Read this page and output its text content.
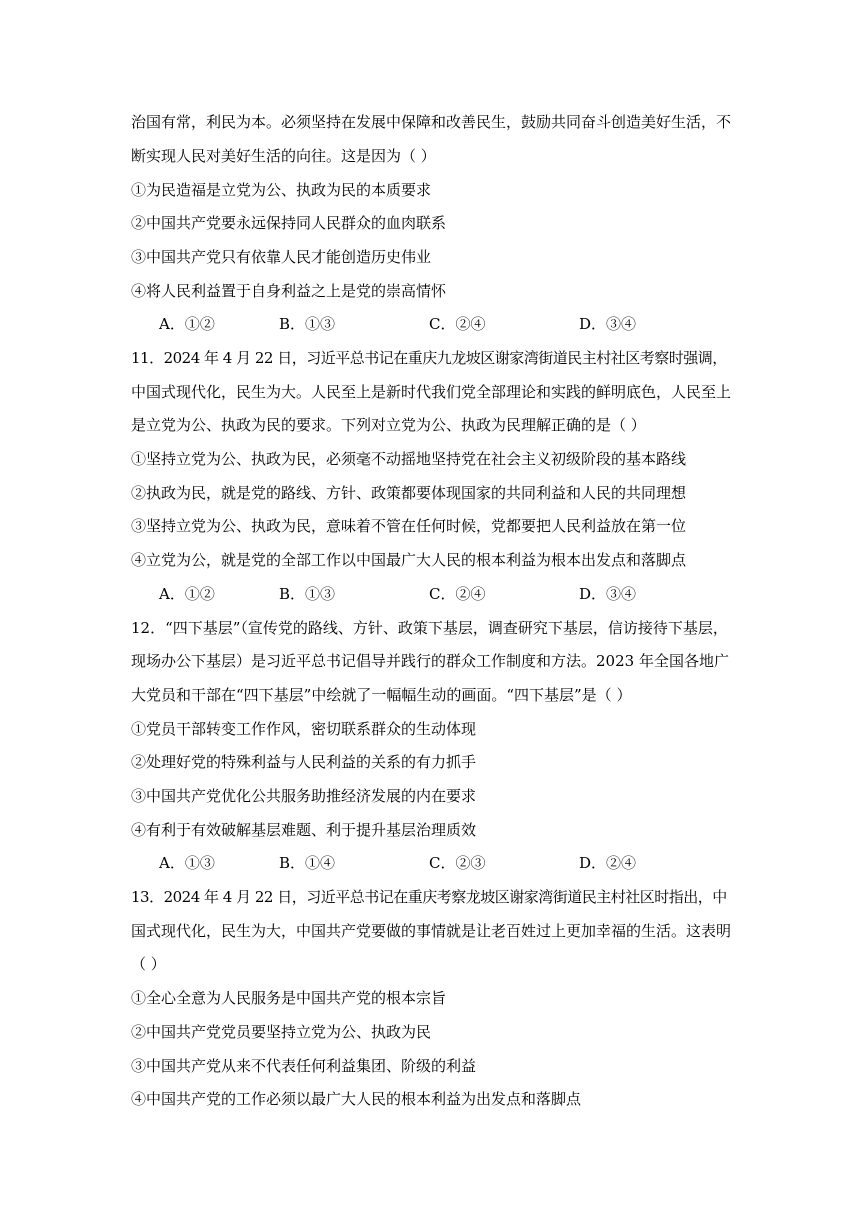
治国有常，利民为本。必须坚持在发展中保障和改善民生，鼓励共同奋斗创造美好生活，不
断实现人民对美好生活的向往。这是因为（ ）
①为民造福是立党为公、执政为民的本质要求
②中国共产党要永远保持同人民群众的血肉联系
③中国共产党只有依靠人民才能创造历史伟业
④将人民利益置于自身利益之上是党的崇高情怀
A．①②	B．①③	C．②④	D．③④
11．2024 年 4 月 22 日，习近平总书记在重庆九龙坡区谢家湾街道民主村社区考察时强调，
中国式现代化，民生为大。人民至上是新时代我们党全部理论和实践的鲜明底色，人民至上
是立党为公、执政为民的要求。下列对立党为公、执政为民理解正确的是（ ）
①坚持立党为公、执政为民，必须毫不动摇地坚持党在社会主义初级阶段的基本路线
②执政为民，就是党的路线、方针、政策都要体现国家的共同利益和人民的共同理想
③坚持立党为公、执政为民，意味着不管在任何时候，党都要把人民利益放在第一位
④立党为公，就是党的全部工作以中国最广大人民的根本利益为根本出发点和落脚点
A．①②	B．①③	C．②④	D．③④
12．“四下基层”（宣传党的路线、方针、政策下基层，调查研究下基层，信访接待下基层，
现场办公下基层）是习近平总书记倡导并践行的群众工作制度和方法。2023 年全国各地广
大党员和干部在“四下基层”中绘就了一幅幅生动的画面。“四下基层”是（ ）
①党员干部转变工作作风，密切联系群众的生动体现
②处理好党的特殊利益与人民利益的关系的有力抓手
③中国共产党优化公共服务助推经济发展的内在要求
④有利于有效破解基层难题、利于提升基层治理质效
A．①③	B．①④	C．②③	D．②④
13．2024 年 4 月 22 日，习近平总书记在重庆考察龙坡区谢家湾街道民主村社区时指出，中
国式现代化，民生为大，中国共产党要做的事情就是让老百姓过上更加幸福的生活。这表明
（ ）
①全心全意为人民服务是中国共产党的根本宗旨
②中国共产党党员要坚持立党为公、执政为民
③中国共产党从来不代表任何利益集团、阶级的利益
④中国共产党的工作必须以最广大人民的根本利益为出发点和落脚点
